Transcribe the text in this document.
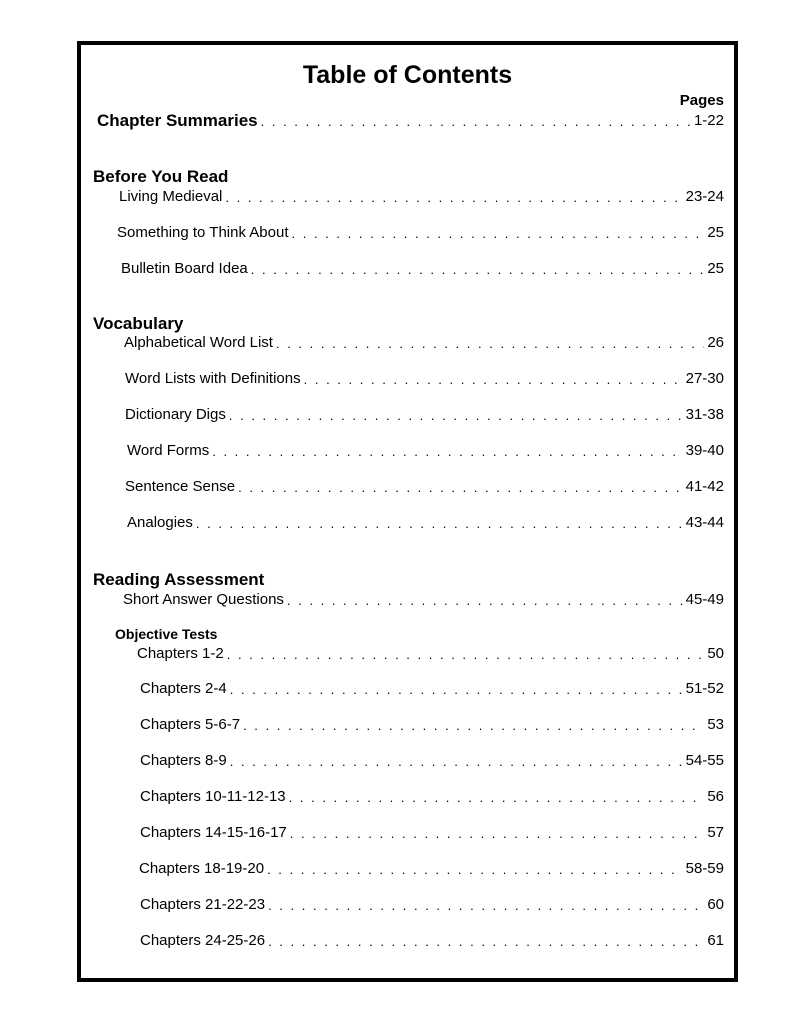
Table of Contents
Pages
Chapter Summaries . . .	1-22
Before You Read
Living Medieval . . .	23-24
Something to Think About . . .	25
Bulletin Board Idea . . .	25
Vocabulary
Alphabetical Word List . . .	26
Word Lists with Definitions . . .	27-30
Dictionary Digs . . .	31-38
Word Forms . . .	39-40
Sentence Sense . . .	41-42
Analogies . . .	43-44
Reading Assessment
Short Answer Questions . . .	45-49
Objective Tests
Chapters 1-2 . . .	50
Chapters 2-4 . . .	51-52
Chapters 5-6-7 . . .	53
Chapters 8-9 . . .	54-55
Chapters 10-11-12-13 . . .	56
Chapters 14-15-16-17 . . .	57
Chapters 18-19-20 . . .	58-59
Chapters 21-22-23 . . .	60
Chapters 24-25-26 . . .	61
